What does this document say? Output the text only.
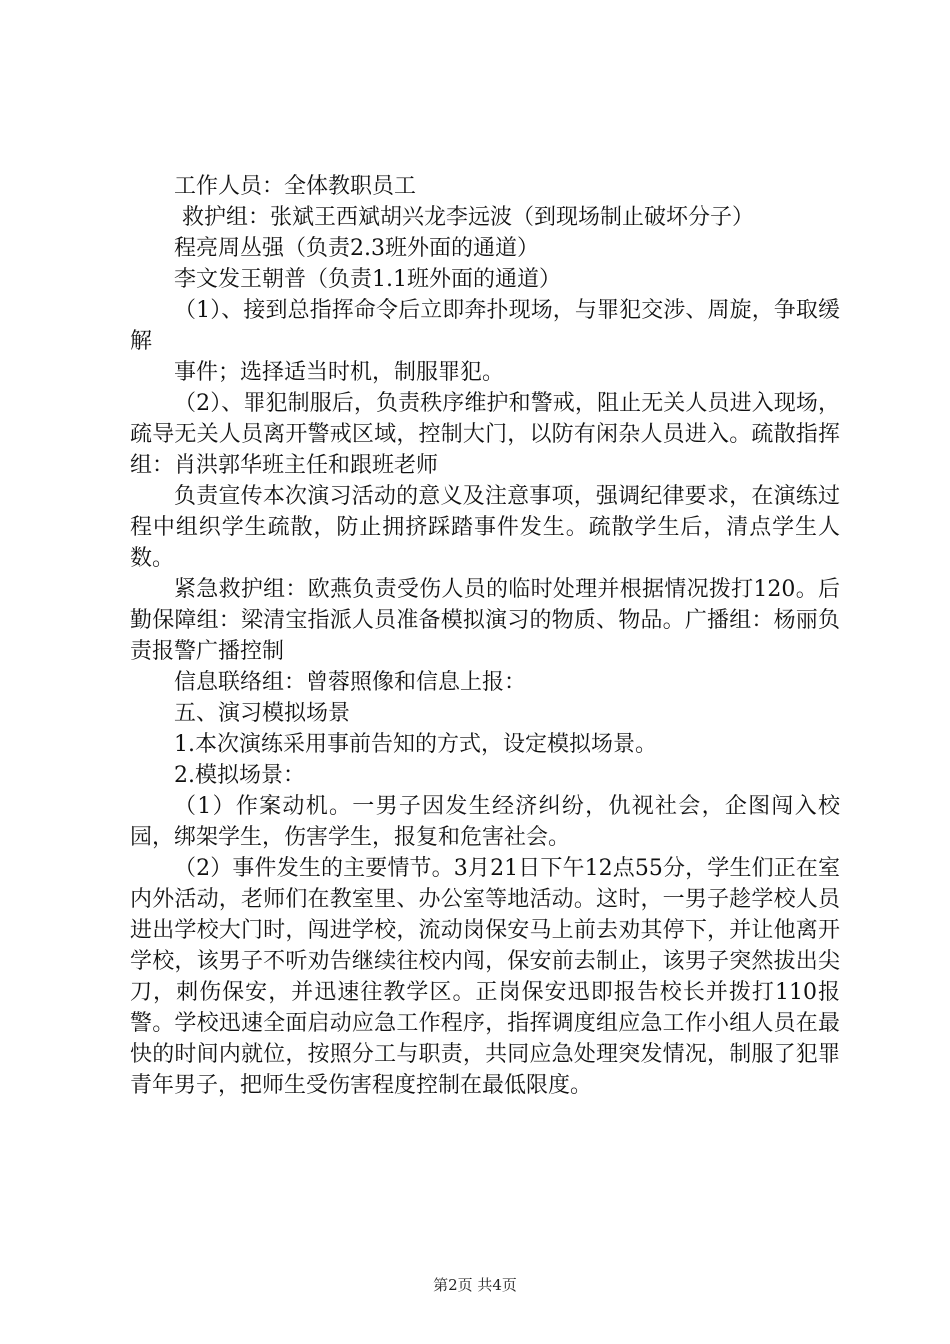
工作人员：全体教职员工

救护组：张斌王西斌胡兴龙李远波（到现场制止破坏分子）

程亮周丛强（负责2.3班外面的通道）

李文发王朝普（负责1.1班外面的通道）

（1）、接到总指挥命令后立即奔扑现场，与罪犯交涉、周旋，争取缓解

事件；选择适当时机，制服罪犯。

（2）、罪犯制服后，负责秩序维护和警戒，阻止无关人员进入现场，疏导无关人员离开警戒区域，控制大门，以防有闲杂人员进入。疏散指挥组：肖洪郭华班主任和跟班老师

负责宣传本次演习活动的意义及注意事项，强调纪律要求，在演练过程中组织学生疏散，防止拥挤踩踏事件发生。疏散学生后，清点学生人数。

紧急救护组：欧燕负责受伤人员的临时处理并根据情况拨打120。后勤保障组：梁清宝指派人员准备模拟演习的物质、物品。广播组：杨丽负责报警广播控制

信息联络组：曾蓉照像和信息上报：

五、演习模拟场景

1.本次演练采用事前告知的方式，设定模拟场景。

2.模拟场景：

（1）作案动机。一男子因发生经济纠纷，仇视社会，企图闯入校园，绑架学生，伤害学生，报复和危害社会。

（2）事件发生的主要情节。3月21日下午12点55分，学生们正在室内外活动，老师们在教室里、办公室等地活动。这时，一男子趁学校人员进出学校大门时，闯进学校，流动岗保安马上前去劝其停下，并让他离开学校，该男子不听劝告继续往校内闯，保安前去制止，该男子突然拔出尖刀，刺伤保安，并迅速往教学区。正岗保安迅即报告校长并拨打110报警。学校迅速全面启动应急工作程序，指挥调度组应急工作小组人员在最快的时间内就位，按照分工与职责，共同应急处理突发情况，制服了犯罪青年男子，把师生受伤害程度控制在最低限度。

第2页 共4页
